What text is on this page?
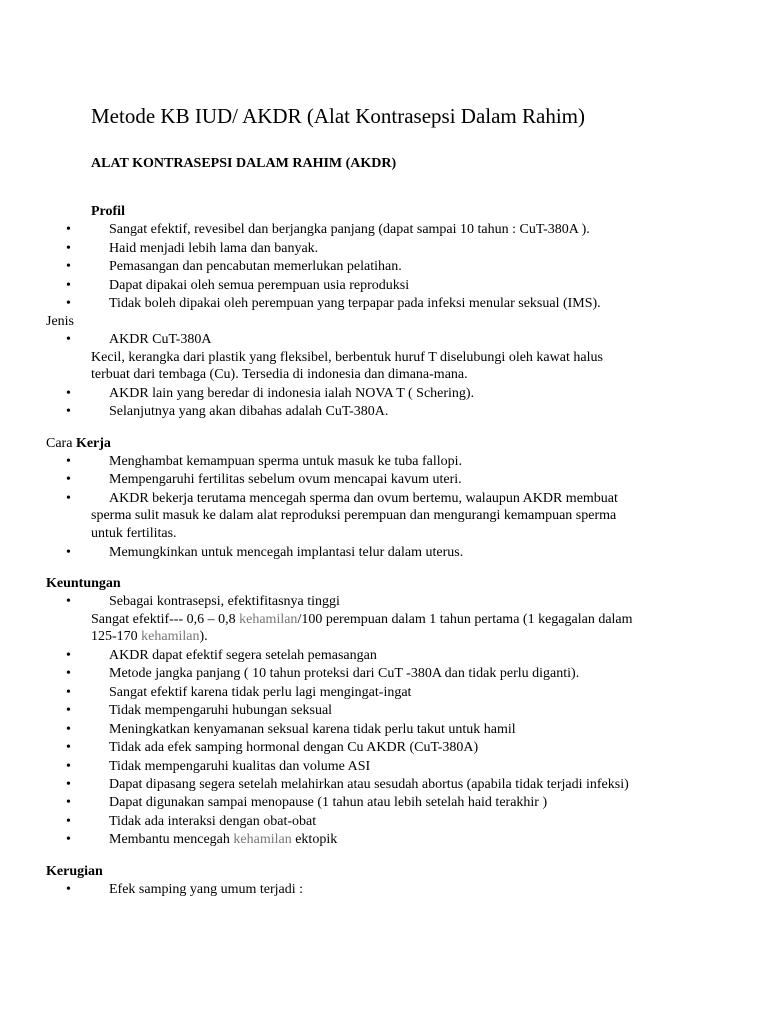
Metode KB IUD/ AKDR (Alat Kontrasepsi Dalam Rahim)
ALAT KONTRASEPSI DALAM RAHIM (AKDR)
Profil
•	Sangat efektif, revesibel dan berjangka panjang (dapat sampai 10 tahun : CuT-380A ).
•	Haid menjadi lebih lama dan banyak.
•	Pemasangan dan pencabutan memerlukan pelatihan.
•	Dapat dipakai oleh semua perempuan usia reproduksi
•	Tidak boleh dipakai oleh perempuan yang terpapar pada infeksi menular seksual (IMS).
Jenis
•	AKDR CuT-380A
Kecil, kerangka dari plastik yang fleksibel, berbentuk huruf T diselubungi oleh kawat halus
terbuat dari tembaga (Cu). Tersedia di indonesia dan dimana-mana.
•	AKDR lain yang beredar di indonesia ialah NOVA T ( Schering).
•	Selanjutnya yang akan dibahas adalah CuT-380A.
Cara Kerja
•	Menghambat kemampuan sperma untuk masuk ke tuba fallopi.
•	Mempengaruhi fertilitas sebelum ovum mencapai kavum uteri.
•	AKDR bekerja terutama mencegah sperma dan ovum bertemu, walaupun AKDR membuat
sperma sulit masuk ke dalam alat reproduksi perempuan dan mengurangi kemampuan sperma
untuk fertilitas.
•	Memungkinkan untuk mencegah implantasi telur dalam uterus.
Keuntungan
•	Sebagai kontrasepsi, efektifitasnya tinggi
Sangat efektif--- 0,6 – 0,8 kehamilan/100 perempuan dalam 1 tahun pertama (1 kegagalan dalam
125-170 kehamilan).
•	AKDR dapat efektif segera setelah pemasangan
•	Metode jangka panjang ( 10 tahun proteksi dari CuT -380A dan tidak perlu diganti).
•	Sangat efektif karena tidak perlu lagi mengingat-ingat
•	Tidak mempengaruhi hubungan seksual
•	Meningkatkan kenyamanan seksual karena tidak perlu takut untuk hamil
•	Tidak ada efek samping hormonal dengan Cu AKDR (CuT-380A)
•	Tidak mempengaruhi kualitas dan volume ASI
•	Dapat dipasang segera setelah melahirkan atau sesudah abortus (apabila tidak terjadi infeksi)
•	Dapat digunakan sampai menopause (1 tahun atau lebih setelah haid terakhir )
•	Tidak ada interaksi dengan obat-obat
•	Membantu mencegah kehamilan ektopik
Kerugian
•	Efek samping yang umum terjadi :
